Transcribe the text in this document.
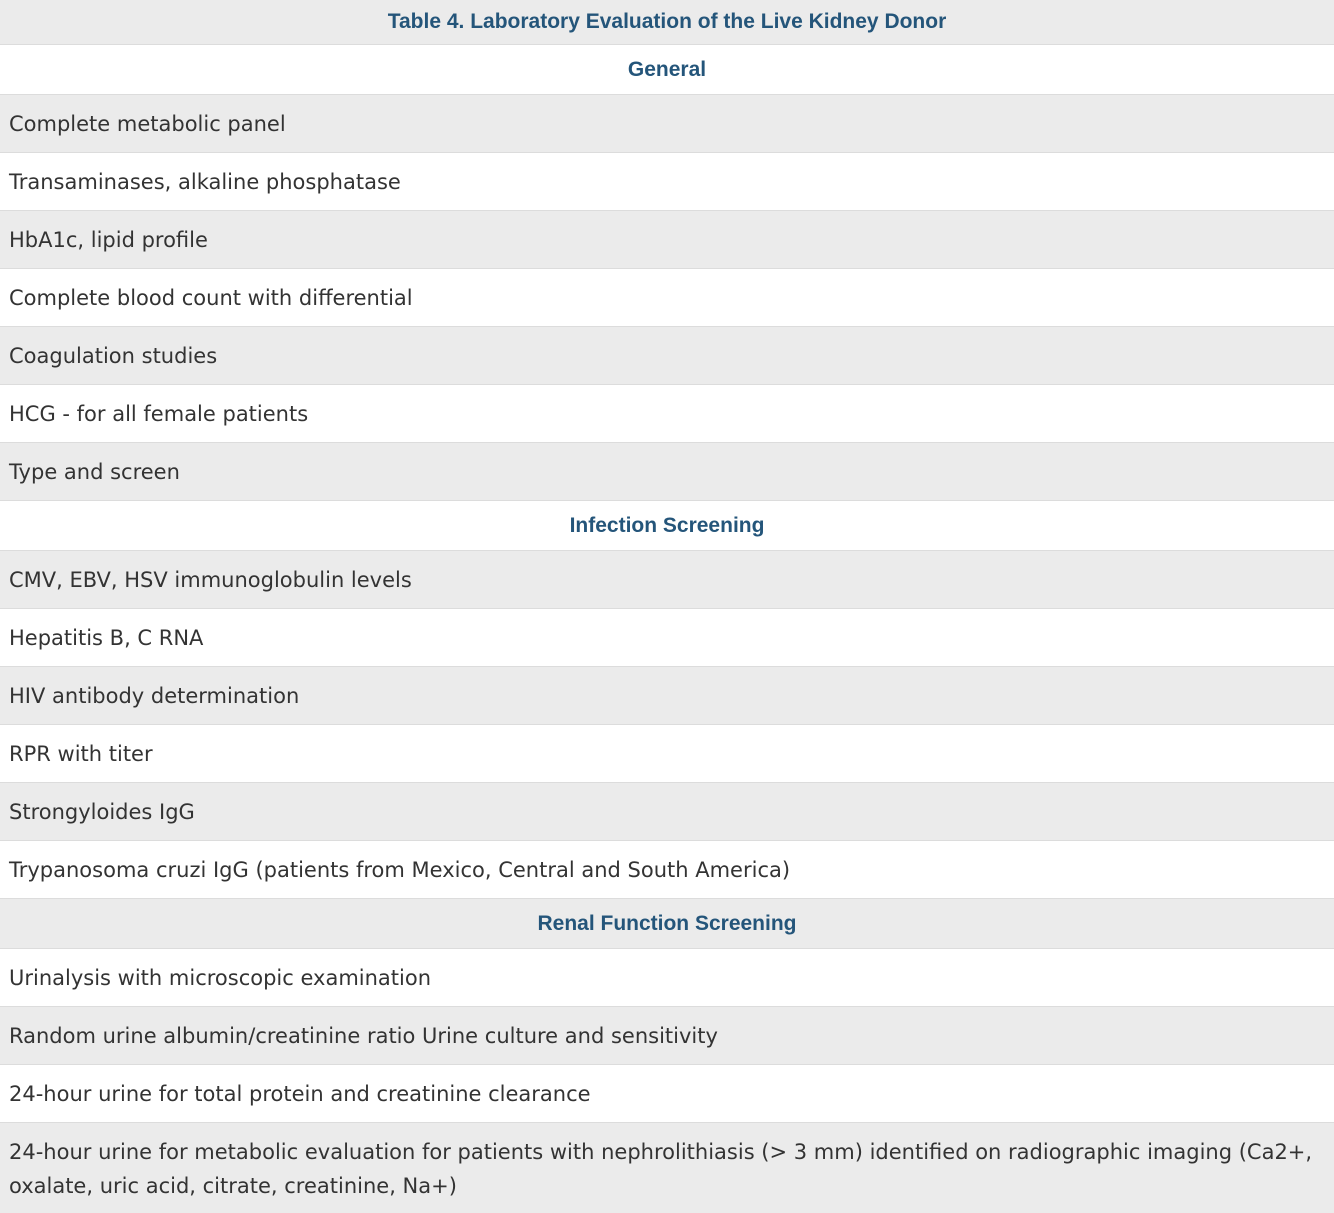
Table 4. Laboratory Evaluation of the Live Kidney Donor
General
Complete metabolic panel
Transaminases, alkaline phosphatase
HbA1c, lipid profile
Complete blood count with differential
Coagulation studies
HCG - for all female patients
Type and screen
Infection Screening
CMV, EBV, HSV immunoglobulin levels
Hepatitis B, C RNA
HIV antibody determination
RPR with titer
Strongyloides IgG
Trypanosoma cruzi IgG (patients from Mexico, Central and South America)
Renal Function Screening
Urinalysis with microscopic examination
Random urine albumin/creatinine ratio Urine culture and sensitivity
24-hour urine for total protein and creatinine clearance
24-hour urine for metabolic evaluation for patients with nephrolithiasis (> 3 mm) identified on radiographic imaging (Ca2+, oxalate, uric acid, citrate, creatinine, Na+)
